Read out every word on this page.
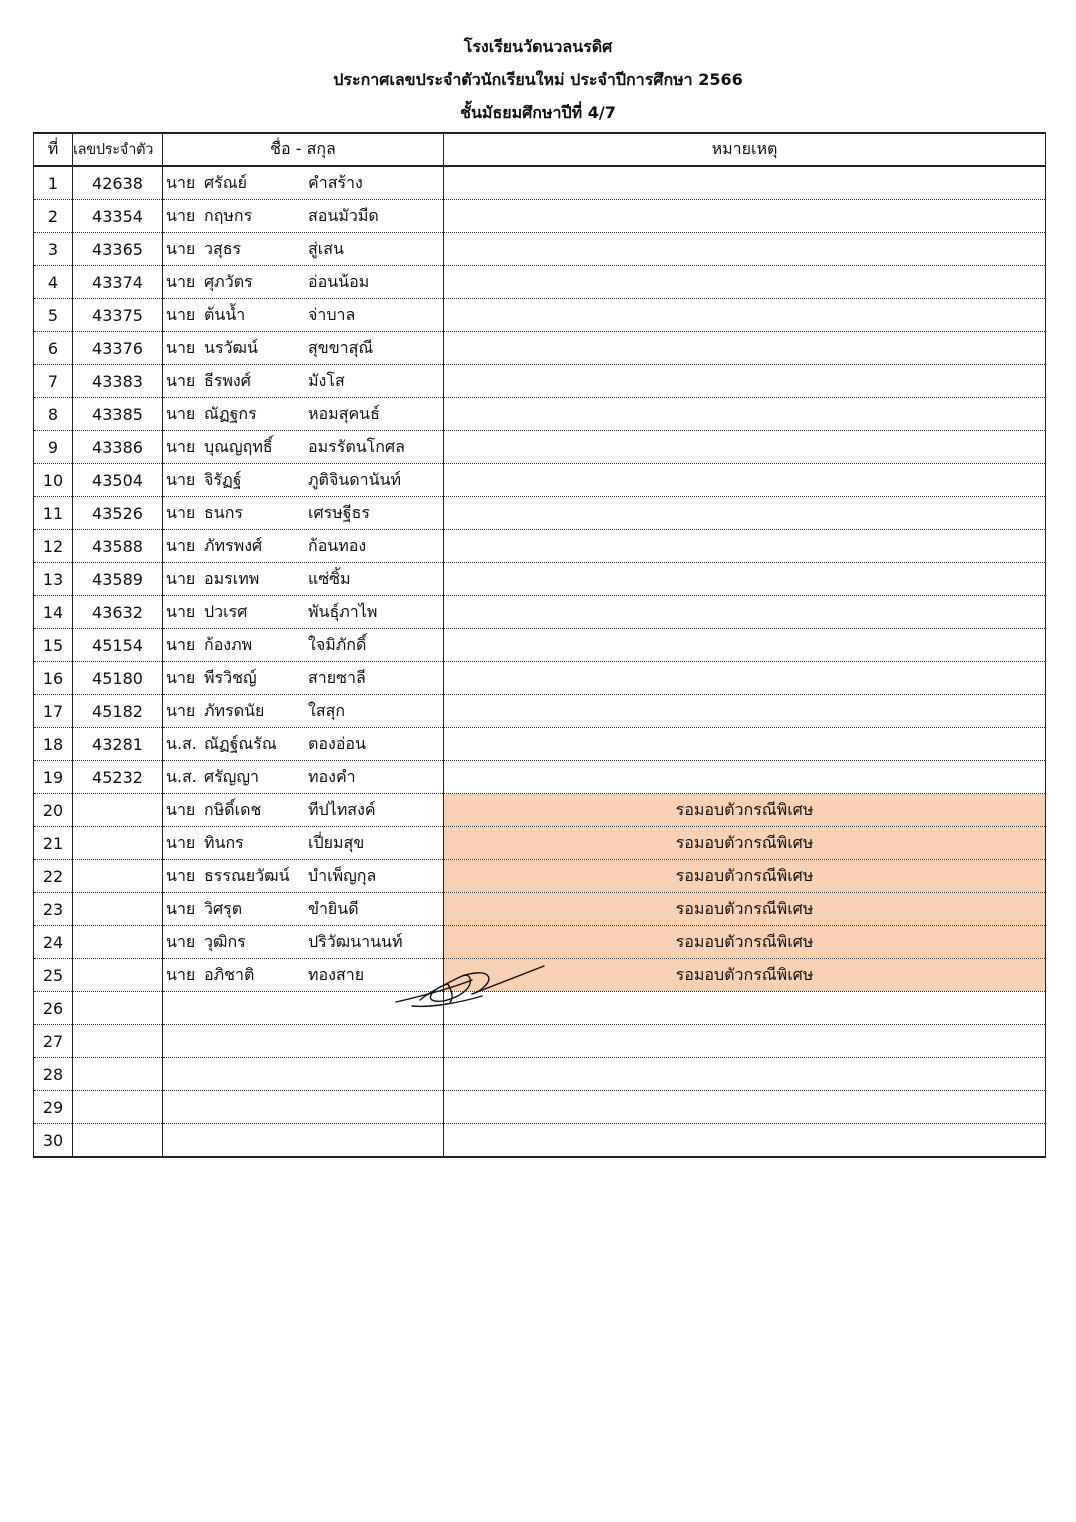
โรงเรียนวัดนวลนรดิศ
ประกาศเลขประจำตัวนักเรียนใหม่ ประจำปีการศึกษา 2566
ชั้นมัธยมศึกษาปีที่ 4/7
ที่	เลขประจำตัว	ชื่อ - สกุล	หมายเหตุ
1	42638	นาย ศรัณย์ คำสร้าง	
2	43354	นาย กฤษกร สอนมัวมีด	
3	43365	นาย วสุธร สู่เสน	
4	43374	นาย ศุภวัตร อ่อนน้อม	
5	43375	นาย ต้นน้ำ จ่าบาล	
6	43376	นาย นรวัฒน์ สุขขาสุณี	
7	43383	นาย ธีรพงศ์ มังโส	
8	43385	นาย ณัฏฐกร หอมสุคนธ์	
9	43386	นาย บุณญฤทธิ์ อมรรัตนโกศล	
10	43504	นาย จิรัฏฐ์ ภูติจินดานันท์	
11	43526	นาย ธนกร เศรษฐีธร	
12	43588	นาย ภัทรพงศ์ ก้อนทอง	
13	43589	นาย อมรเทพ แซ่ซิ้ม	
14	43632	นาย ปวเรศ พันธุ์ภาไพ	
15	45154	นาย ก้องภพ ใจมิภักดิ์	
16	45180	นาย พีรวิชญ์ สายซาลี	
17	45182	นาย ภัทรดนัย ใสสุก	
18	43281	น.ส. ณัฏฐ์ณรัณ ตองอ่อน	
19	45232	น.ส. ศรัญญา ทองคำ	
20		นาย กษิดิ์เดช ทีปไทสงค์	รอมอบตัวกรณีพิเศษ
21		นาย ทินกร เปี่ยมสุข	รอมอบตัวกรณีพิเศษ
22		นาย ธรรณยวัฒน์ บำเพ็ญกุล	รอมอบตัวกรณีพิเศษ
23		นาย วิศรุต ขำยินดี	รอมอบตัวกรณีพิเศษ
24		นาย วุฒิกร ปริวัฒนานนท์	รอมอบตัวกรณีพิเศษ
25		นาย อภิชาติ ทองสาย	รอมอบตัวกรณีพิเศษ
26			
27			
28			
29			
30			
